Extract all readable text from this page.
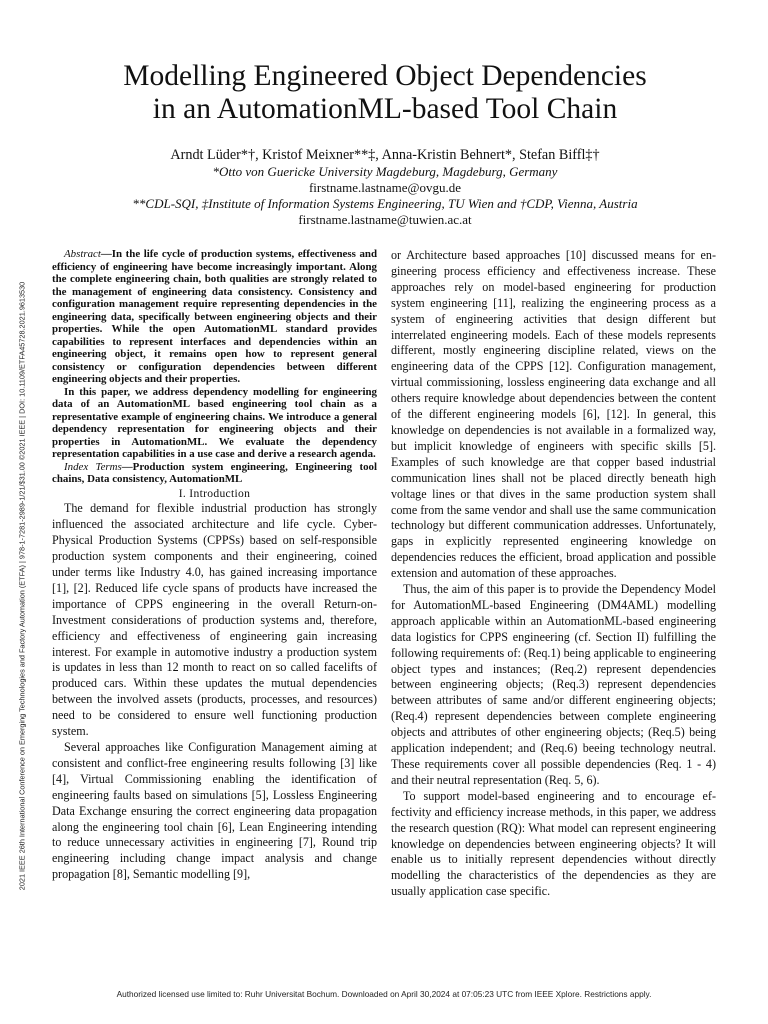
2021 IEEE 26th International Conference on Emerging Technologies and Factory Automation (ETFA) | 978-1-7281-2989-1/21/$31.00 ©2021 IEEE | DOI: 10.1109/ETFA45728.2021.9613530
Modelling Engineered Object Dependencies
in an AutomationML-based Tool Chain
Arndt Lüder*†, Kristof Meixner**‡, Anna-Kristin Behnert*, Stefan Biffl‡†
*Otto von Guericke University Magdeburg, Magdeburg, Germany
firstname.lastname@ovgu.de
**CDL-SQI, ‡Institute of Information Systems Engineering, TU Wien and †CDP, Vienna, Austria
firstname.lastname@tuwien.ac.at

Abstract—In the life cycle of production systems, effectiveness and efficiency of engineering have become increasingly important. Along the complete engineering chain, both qualities are strongly related to the management of engineering data consistency. Consistency and configuration management require representing dependencies in the engineering data, specifically between engineering objects and their properties. While the open AutomationML standard provides capabilities to represent interfaces and dependencies within an engineering object, it remains open how to represent general consistency or configuration dependencies between different engineering objects and their properties.

In this paper, we address dependency modelling for engineering data of an AutomationML based engineering tool chain as a representative example of engineering chains. We introduce a general dependency representation for engineering objects and their properties in AutomationML. We evaluate the dependency representation capabilities in a use case and derive a research agenda.

Index Terms—Production system engineering, Engineering tool chains, Data consistency, AutomationML

I. Introduction

The demand for flexible industrial production has strongly influenced the associated architecture and life cycle. Cyber-Physical Production Systems (CPPSs) based on self-responsible production system components and their engineering, coined under terms like Industry 4.0, has gained increasing importance [1], [2]. Reduced life cycle spans of products have increased the importance of CPPS engineering in the overall Return-on-Investment considerations of production systems and, therefore, efficiency and effectiveness of engineering gain increasing interest. For example in automotive industry a production system is updates in less than 12 month to react on so called facelifts of produced cars. Within these updates the mutual dependencies between the involved assets (products, processes, and resources) need to be considered to ensure well functioning production system.

Several approaches like Configuration Management aiming at consistent and conflict-free engineering results following [3] like [4], Virtual Commissioning enabling the identification of engineering faults based on simulations [5], Lossless Engineering Data Exchange ensuring the correct engineering data propagation along the engineering tool chain [6], Lean Engineering intending to reduce unnecessary activities in engineering [7], Round trip engineering including change impact analysis and change propagation [8], Semantic modelling [9],

or Architecture based approaches [10] discussed means for engineering process efficiency and effectiveness increase. These approaches rely on model-based engineering for production system engineering [11], realizing the engineering process as a system of engineering activities that design different but interrelated engineering models. Each of these models represents different, mostly engineering discipline related, views on the engineering data of the CPPS [12]. Configuration management, virtual commissioning, lossless engineering data exchange and all others require knowledge about dependencies between the content of the different engineering models [6], [12]. In general, this knowledge on dependencies is not available in a formalized way, but implicit knowledge of engineers with specific skills [5]. Examples of such knowledge are that copper based industrial communication lines shall not be placed directly beneath high voltage lines or that dives in the same production system shall come from the same vendor and shall use the same communication technology but different communication addresses. Unfortunately, gaps in explicitly represented engineering knowledge on dependencies reduces the efficient, broad application and possible extension and automation of these approaches.

Thus, the aim of this paper is to provide the Dependency Model for AutomationML-based Engineering (DM4AML) modelling approach applicable within an AutomationML-based engineering data logistics for CPPS engineering (cf. Section II) fulfilling the following requirements of: (Req.1) being applicable to engineering object types and instances; (Req.2) represent dependencies between engineering objects; (Req.3) represent dependencies between attributes of same and/or different engineering objects; (Req.4) represent dependencies between complete engineering objects and attributes of other engineering objects; (Req.5) being application independent; and (Req.6) beeing technology neutral. These requirements cover all possible dependencies (Req. 1 - 4) and their neutral representation (Req. 5, 6).

To support model-based engineering and to encourage effectivity and efficiency increase methods, in this paper, we address the research question (RQ): What model can represent engineering knowledge on dependencies between engineering objects? It will enable us to initially represent dependencies without directly modelling the characteristics of the dependencies as they are usually application case specific.

Authorized licensed use limited to: Ruhr Universitat Bochum. Downloaded on April 30,2024 at 07:05:23 UTC from IEEE Xplore. Restrictions apply.
